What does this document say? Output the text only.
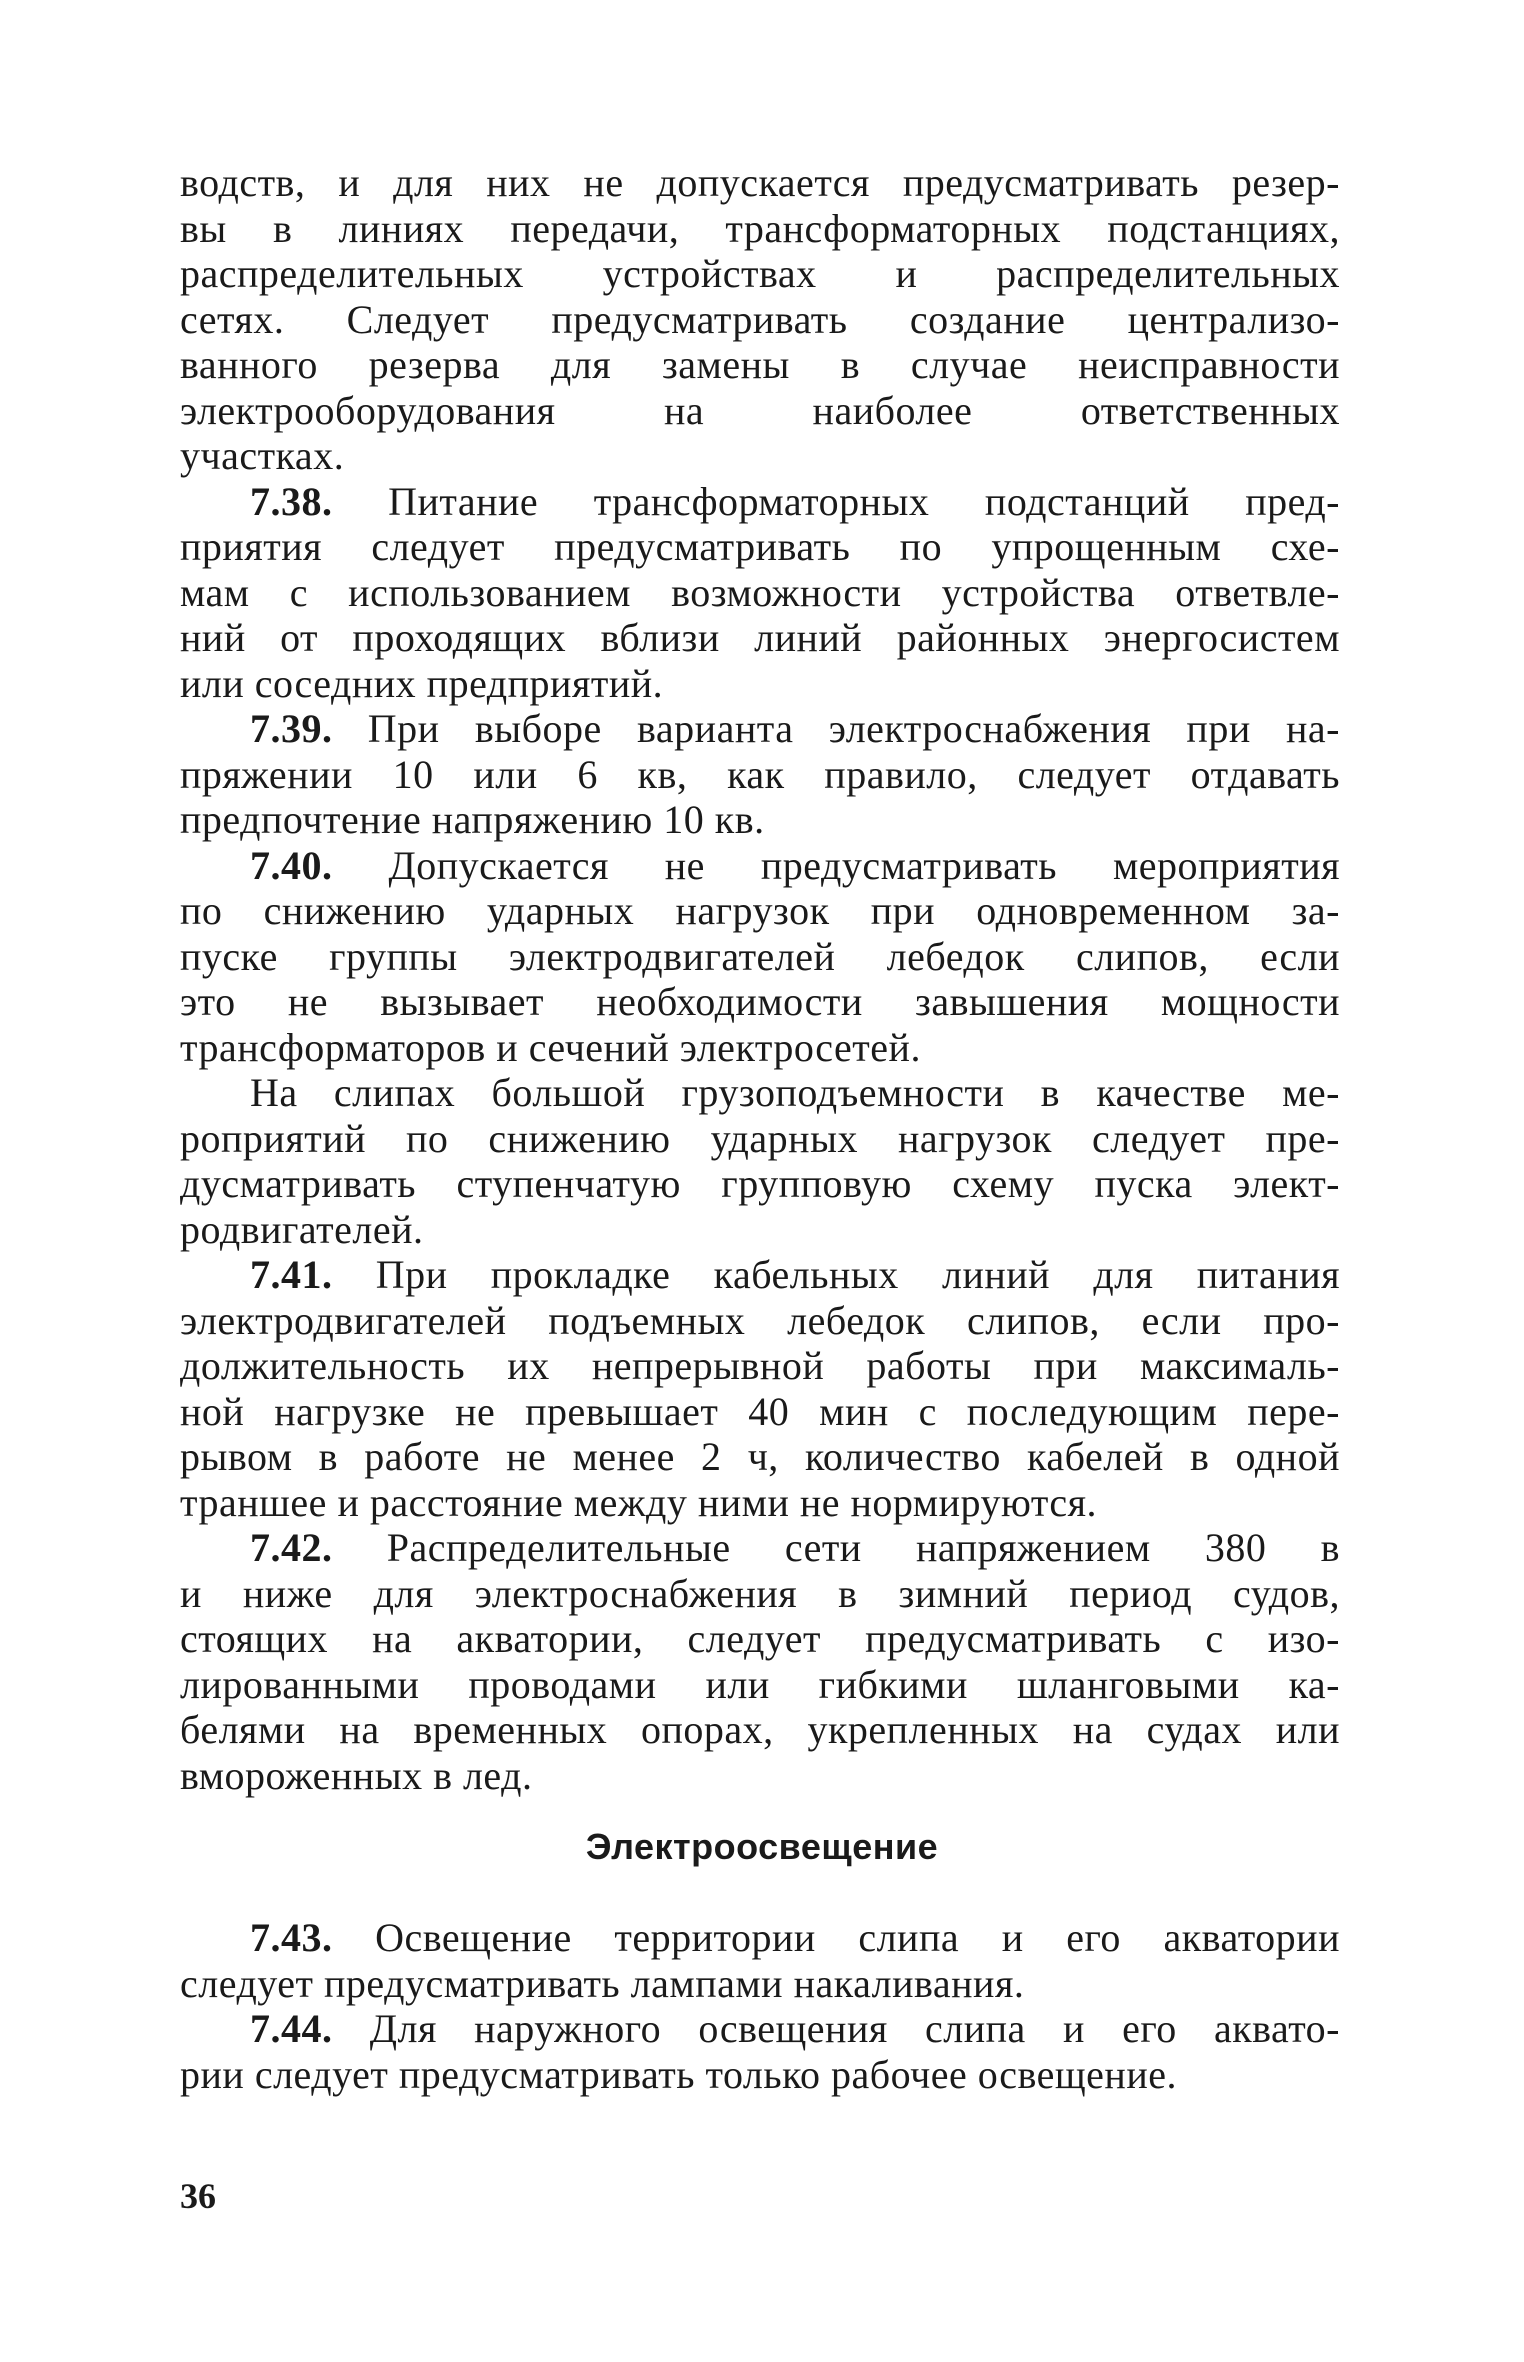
водств, и для них не допускается предусматривать резер-
вы в линиях передачи, трансформаторных подстанциях,
распределительных устройствах и распределительных
сетях. Следует предусматривать создание централизо-
ванного резерва для замены в случае неисправности
электрооборудования на наиболее ответственных
участках.
7.38. Питание трансформаторных подстанций пред-
приятия следует предусматривать по упрощенным схе-
мам с использованием возможности устройства ответвле-
ний от проходящих вблизи линий районных энергосистем
или соседних предприятий.
7.39. При выборе варианта электроснабжения при на-
пряжении 10 или 6 кв, как правило, следует отдавать
предпочтение напряжению 10 кв.
7.40. Допускается не предусматривать мероприятия
по снижению ударных нагрузок при одновременном за-
пуске группы электродвигателей лебедок слипов, если
это не вызывает необходимости завышения мощности
трансформаторов и сечений электросетей.
На слипах большой грузоподъемности в качестве ме-
роприятий по снижению ударных нагрузок следует пре-
дусматривать ступенчатую групповую схему пуска элект-
родвигателей.
7.41. При прокладке кабельных линий для питания
электродвигателей подъемных лебедок слипов, если про-
должительность их непрерывной работы при максималь-
ной нагрузке не превышает 40 мин с последующим пере-
рывом в работе не менее 2 ч, количество кабелей в одной
траншее и расстояние между ними не нормируются.
7.42. Распределительные сети напряжением 380 в
и ниже для электроснабжения в зимний период судов,
стоящих на акватории, следует предусматривать с изо-
лированными проводами или гибкими шланговыми ка-
белями на временных опорах, укрепленных на судах или
вмороженных в лед.
Электроосвещение
7.43. Освещение территории слипа и его акватории
следует предусматривать лампами накаливания.
7.44. Для наружного освещения слипа и его аквато-
рии следует предусматривать только рабочее освещение.
36
